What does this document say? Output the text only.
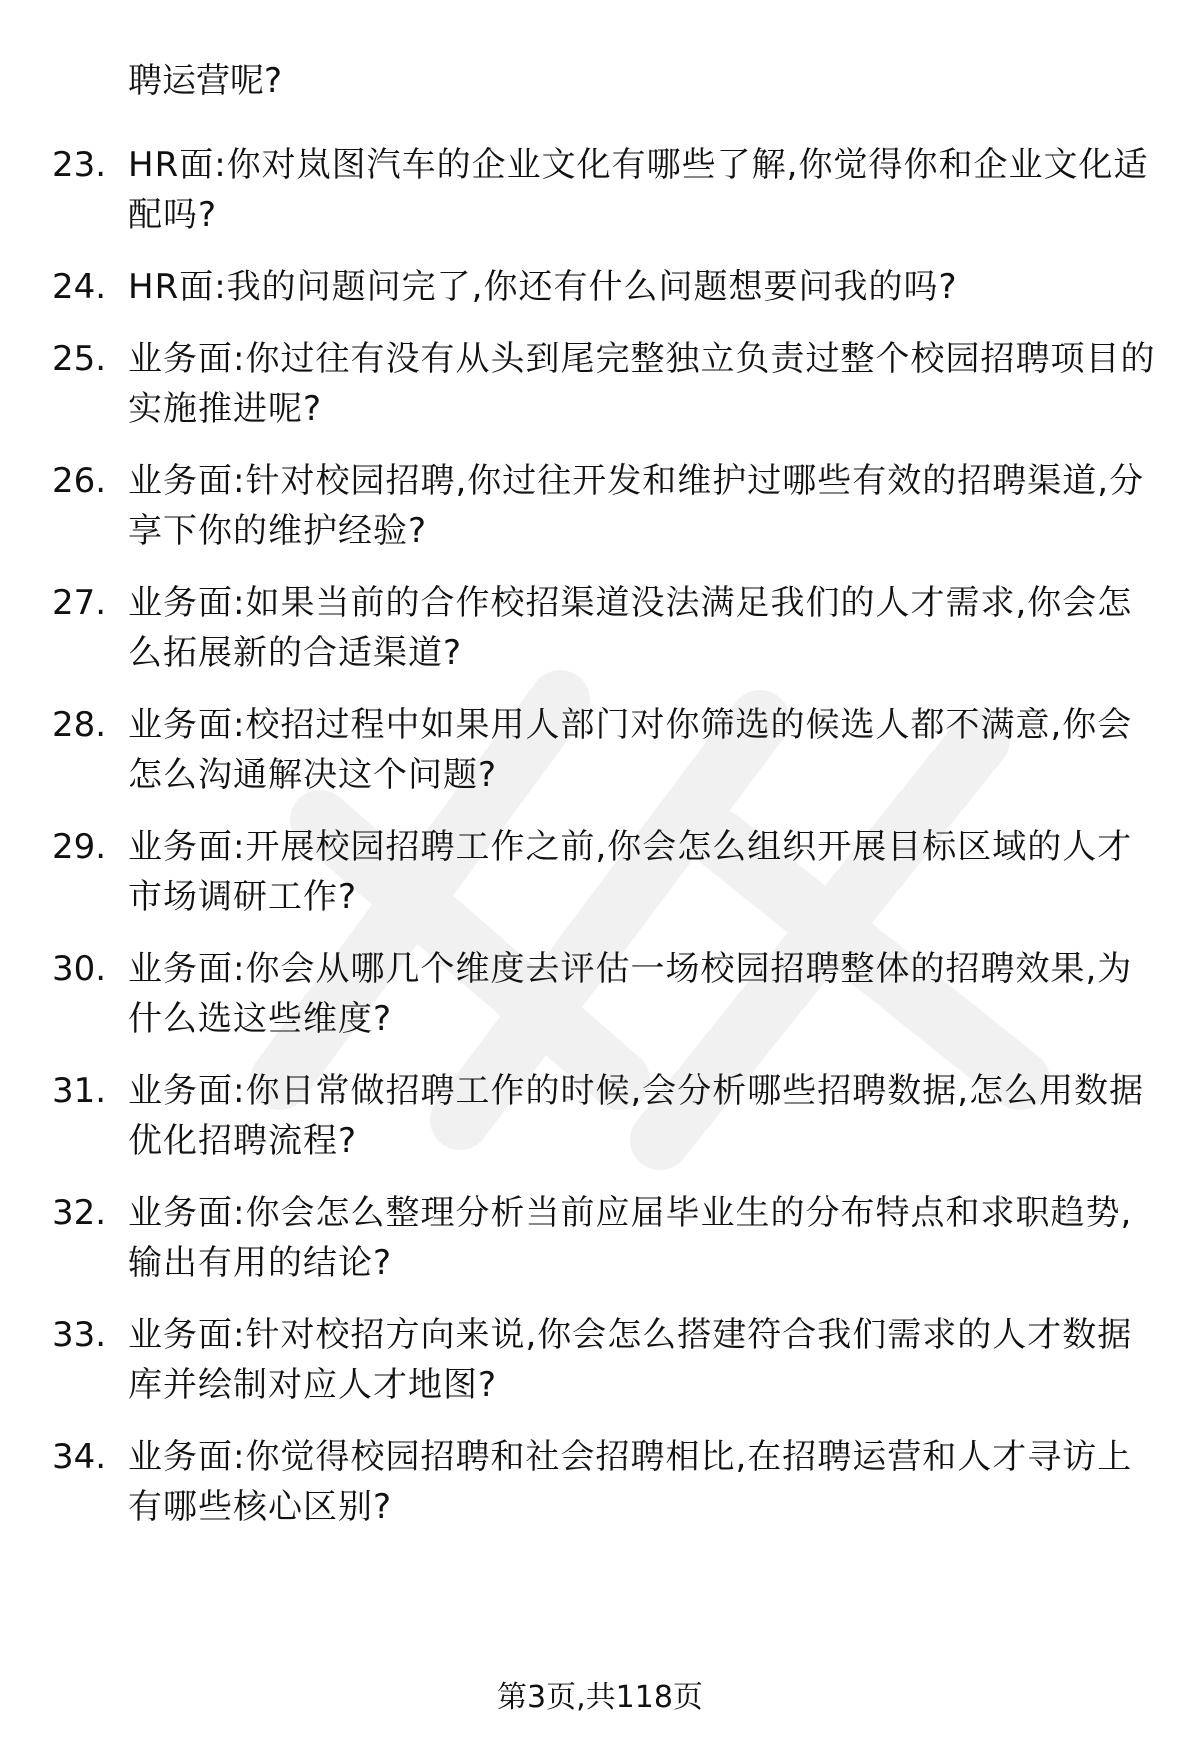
聘运营呢?
23. HR面:你对岚图汽车的企业文化有哪些了解,你觉得你和企业文化适配吗?
24. HR面:我的问题问完了,你还有什么问题想要问我的吗?
25. 业务面:你过往有没有从头到尾完整独立负责过整个校园招聘项目的实施推进呢?
26. 业务面:针对校园招聘,你过往开发和维护过哪些有效的招聘渠道,分享下你的维护经验?
27. 业务面:如果当前的合作校招渠道没法满足我们的人才需求,你会怎么拓展新的合适渠道?
28. 业务面:校招过程中如果用人部门对你筛选的候选人都不满意,你会怎么沟通解决这个问题?
29. 业务面:开展校园招聘工作之前,你会怎么组织开展目标区域的人才市场调研工作?
30. 业务面:你会从哪几个维度去评估一场校园招聘整体的招聘效果,为什么选这些维度?
31. 业务面:你日常做招聘工作的时候,会分析哪些招聘数据,怎么用数据优化招聘流程?
32. 业务面:你会怎么整理分析当前应届毕业生的分布特点和求职趋势,输出有用的结论?
33. 业务面:针对校招方向来说,你会怎么搭建符合我们需求的人才数据库并绘制对应人才地图?
34. 业务面:你觉得校园招聘和社会招聘相比,在招聘运营和人才寻访上有哪些核心区别?
第3页,共118页
